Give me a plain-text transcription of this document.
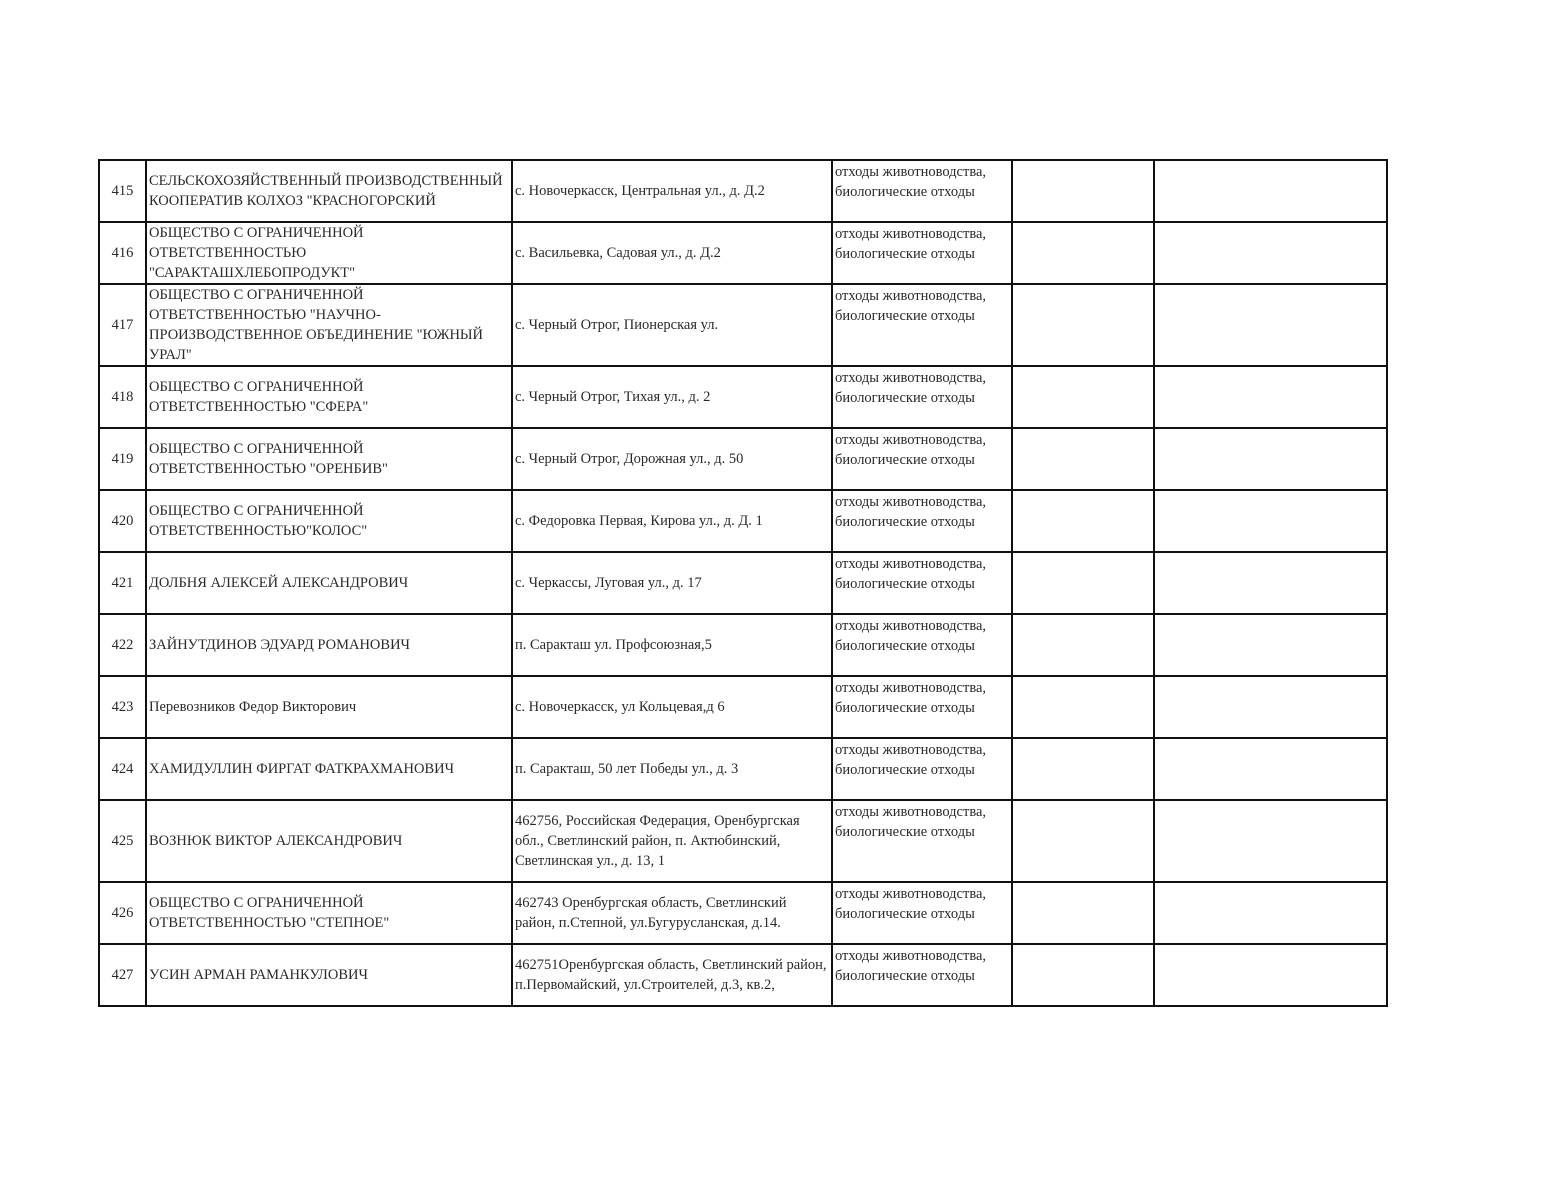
415	СЕЛЬСКОХОЗЯЙСТВЕННЫЙ ПРОИЗВОДСТВЕННЫЙ КООПЕРАТИВ КОЛХОЗ "КРАСНОГОРСКИЙ	с. Новочеркасск, Центральная ул., д. Д.2	отходы животноводства, биологические отходы		
416	ОБЩЕСТВО С ОГРАНИЧЕННОЙ ОТВЕТСТВЕННОСТЬЮ "САРАКТАШХЛЕБОПРОДУКТ"	с. Васильевка, Садовая ул., д. Д.2	отходы животноводства, биологические отходы		
417	ОБЩЕСТВО С ОГРАНИЧЕННОЙ ОТВЕТСТВЕННОСТЬЮ "НАУЧНО-ПРОИЗВОДСТВЕННОЕ ОБЪЕДИНЕНИЕ "ЮЖНЫЙ УРАЛ"	с. Черный Отрог, Пионерская ул.	отходы животноводства, биологические отходы		
418	ОБЩЕСТВО С ОГРАНИЧЕННОЙ ОТВЕТСТВЕННОСТЬЮ "СФЕРА"	с. Черный Отрог, Тихая ул., д. 2	отходы животноводства, биологические отходы		
419	ОБЩЕСТВО С ОГРАНИЧЕННОЙ ОТВЕТСТВЕННОСТЬЮ "ОРЕНБИВ"	с. Черный Отрог, Дорожная ул., д. 50	отходы животноводства, биологические отходы		
420	ОБЩЕСТВО С ОГРАНИЧЕННОЙ ОТВЕТСТВЕННОСТЬЮ"КОЛОС"	с. Федоровка Первая, Кирова ул., д. Д. 1	отходы животноводства, биологические отходы		
421	ДОЛБНЯ АЛЕКСЕЙ АЛЕКСАНДРОВИЧ	с. Черкассы, Луговая ул., д. 17	отходы животноводства, биологические отходы		
422	ЗАЙНУТДИНОВ ЭДУАРД РОМАНОВИЧ	п. Саракташ ул. Профсоюзная,5	отходы животноводства, биологические отходы		
423	Перевозников Федор Викторович	с. Новочеркасск, ул Кольцевая,д 6	отходы животноводства, биологические отходы		
424	ХАМИДУЛЛИН ФИРГАТ ФАТКРАХМАНОВИЧ	п. Саракташ, 50 лет Победы ул., д. 3	отходы животноводства, биологические отходы		
425	ВОЗНЮК ВИКТОР АЛЕКСАНДРОВИЧ	462756, Российская Федерация, Оренбургская обл., Светлинский район, п. Актюбинский, Светлинская ул., д. 13, 1	отходы животноводства, биологические отходы		
426	ОБЩЕСТВО С ОГРАНИЧЕННОЙ ОТВЕТСТВЕННОСТЬЮ "СТЕПНОЕ"	462743 Оренбургская область, Светлинский район, п.Степной, ул.Бугурусланская, д.14.	отходы животноводства, биологические отходы		
427	УСИН АРМАН РАМАНКУЛОВИЧ	462751Оренбургская область, Светлинский район, п.Первомайский, ул.Строителей, д.3, кв.2,	отходы животноводства, биологические отходы		
